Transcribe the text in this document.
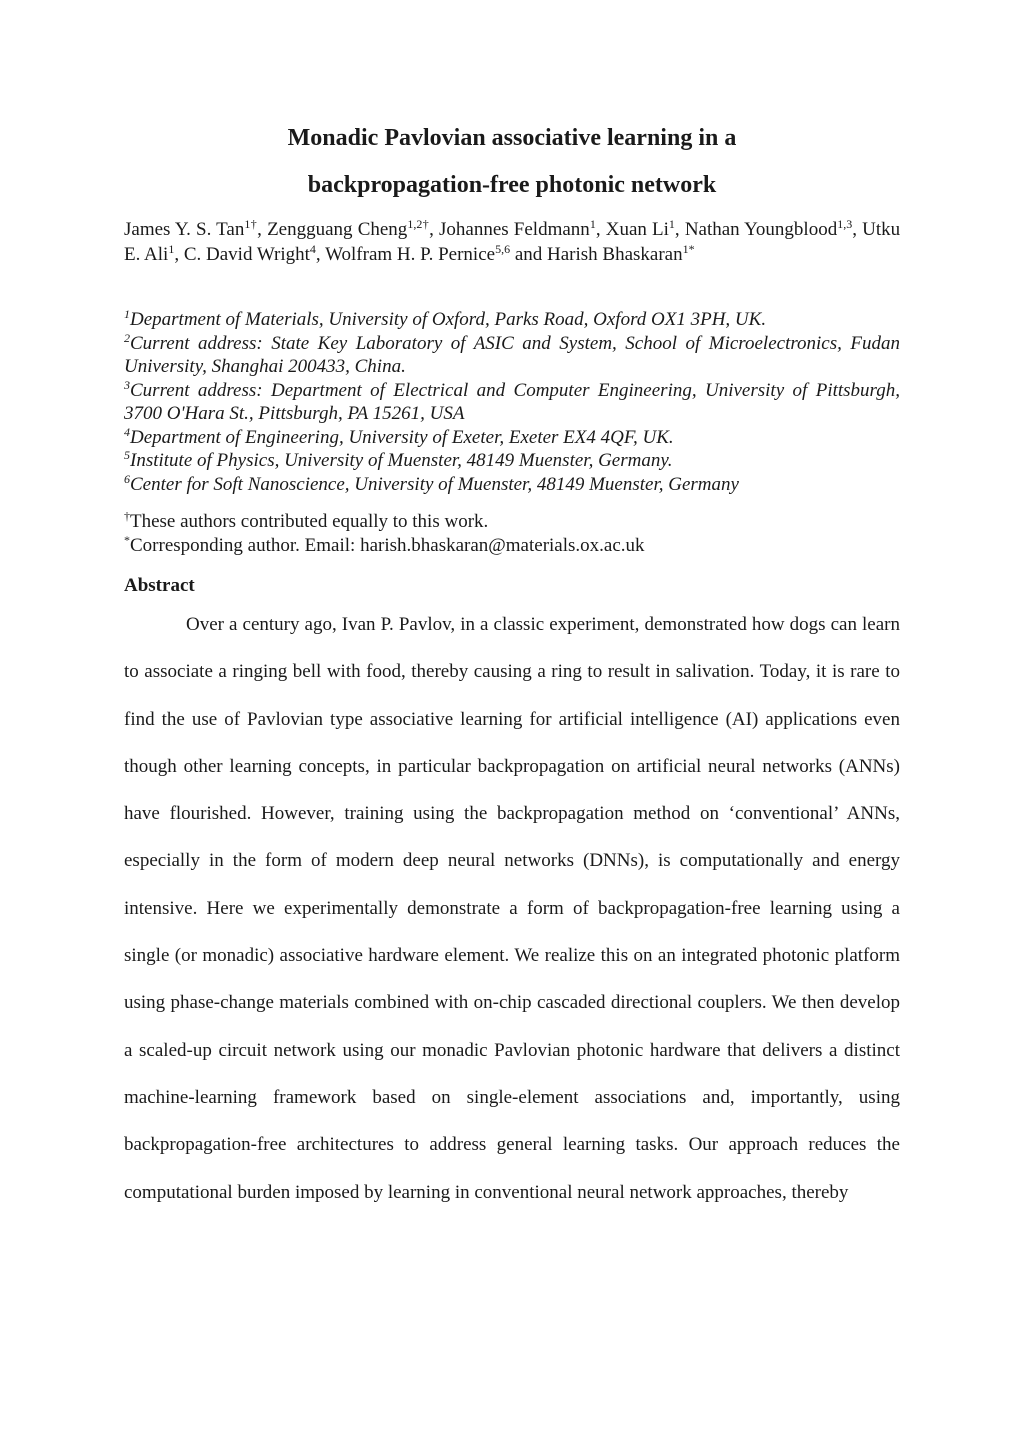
Monadic Pavlovian associative learning in a
backpropagation-free photonic network

James Y. S. Tan$^{1\dagger}$, Zengguang Cheng$^{1,2\dagger}$, Johannes Feldmann$^1$, Xuan Li$^1$, Nathan Youngblood$^{1,3}$, Utku E. Ali$^1$, C. David Wright$^4$, Wolfram H. P. Pernice$^{5,6}$ and Harish Bhaskaran$^{1*}$

$^1$Department of Materials, University of Oxford, Parks Road, Oxford OX1 3PH, UK.

$^2$Current address: State Key Laboratory of ASIC and System, School of Microelectronics, Fudan University, Shanghai 200433, China.

$^3$Current address: Department of Electrical and Computer Engineering, University of Pittsburgh, 3700 O'Hara St., Pittsburgh, PA 15261, USA

$^4$Department of Engineering, University of Exeter, Exeter EX4 4QF, UK.

$^5$Institute of Physics, University of Muenster, 48149 Muenster, Germany.

$^6$Center for Soft Nanoscience, University of Muenster, 48149 Muenster, Germany

†These authors contributed equally to this work.

*Corresponding author. Email: harish.bhaskaran@materials.ox.ac.uk

Abstract

Over a century ago, Ivan P. Pavlov, in a classic experiment, demonstrated how dogs can learn to associate a ringing bell with food, thereby causing a ring to result in salivation. Today, it is rare to find the use of Pavlovian type associative learning for artificial intelligence (AI) applications even though other learning concepts, in particular backpropagation on artificial neural networks (ANNs) have flourished. However, training using the backpropagation method on ‘conventional’ ANNs, especially in the form of modern deep neural networks (DNNs), is computationally and energy intensive. Here we experimentally demonstrate a form of backpropagation-free learning using a single (or monadic) associative hardware element. We realize this on an integrated photonic platform using phase-change materials combined with on-chip cascaded directional couplers. We then develop a scaled-up circuit network using our monadic Pavlovian photonic hardware that delivers a distinct machine-learning framework based on single-element associations and, importantly, using backpropagation-free architectures to address general learning tasks. Our approach reduces the computational burden imposed by learning in conventional neural network approaches, thereby
